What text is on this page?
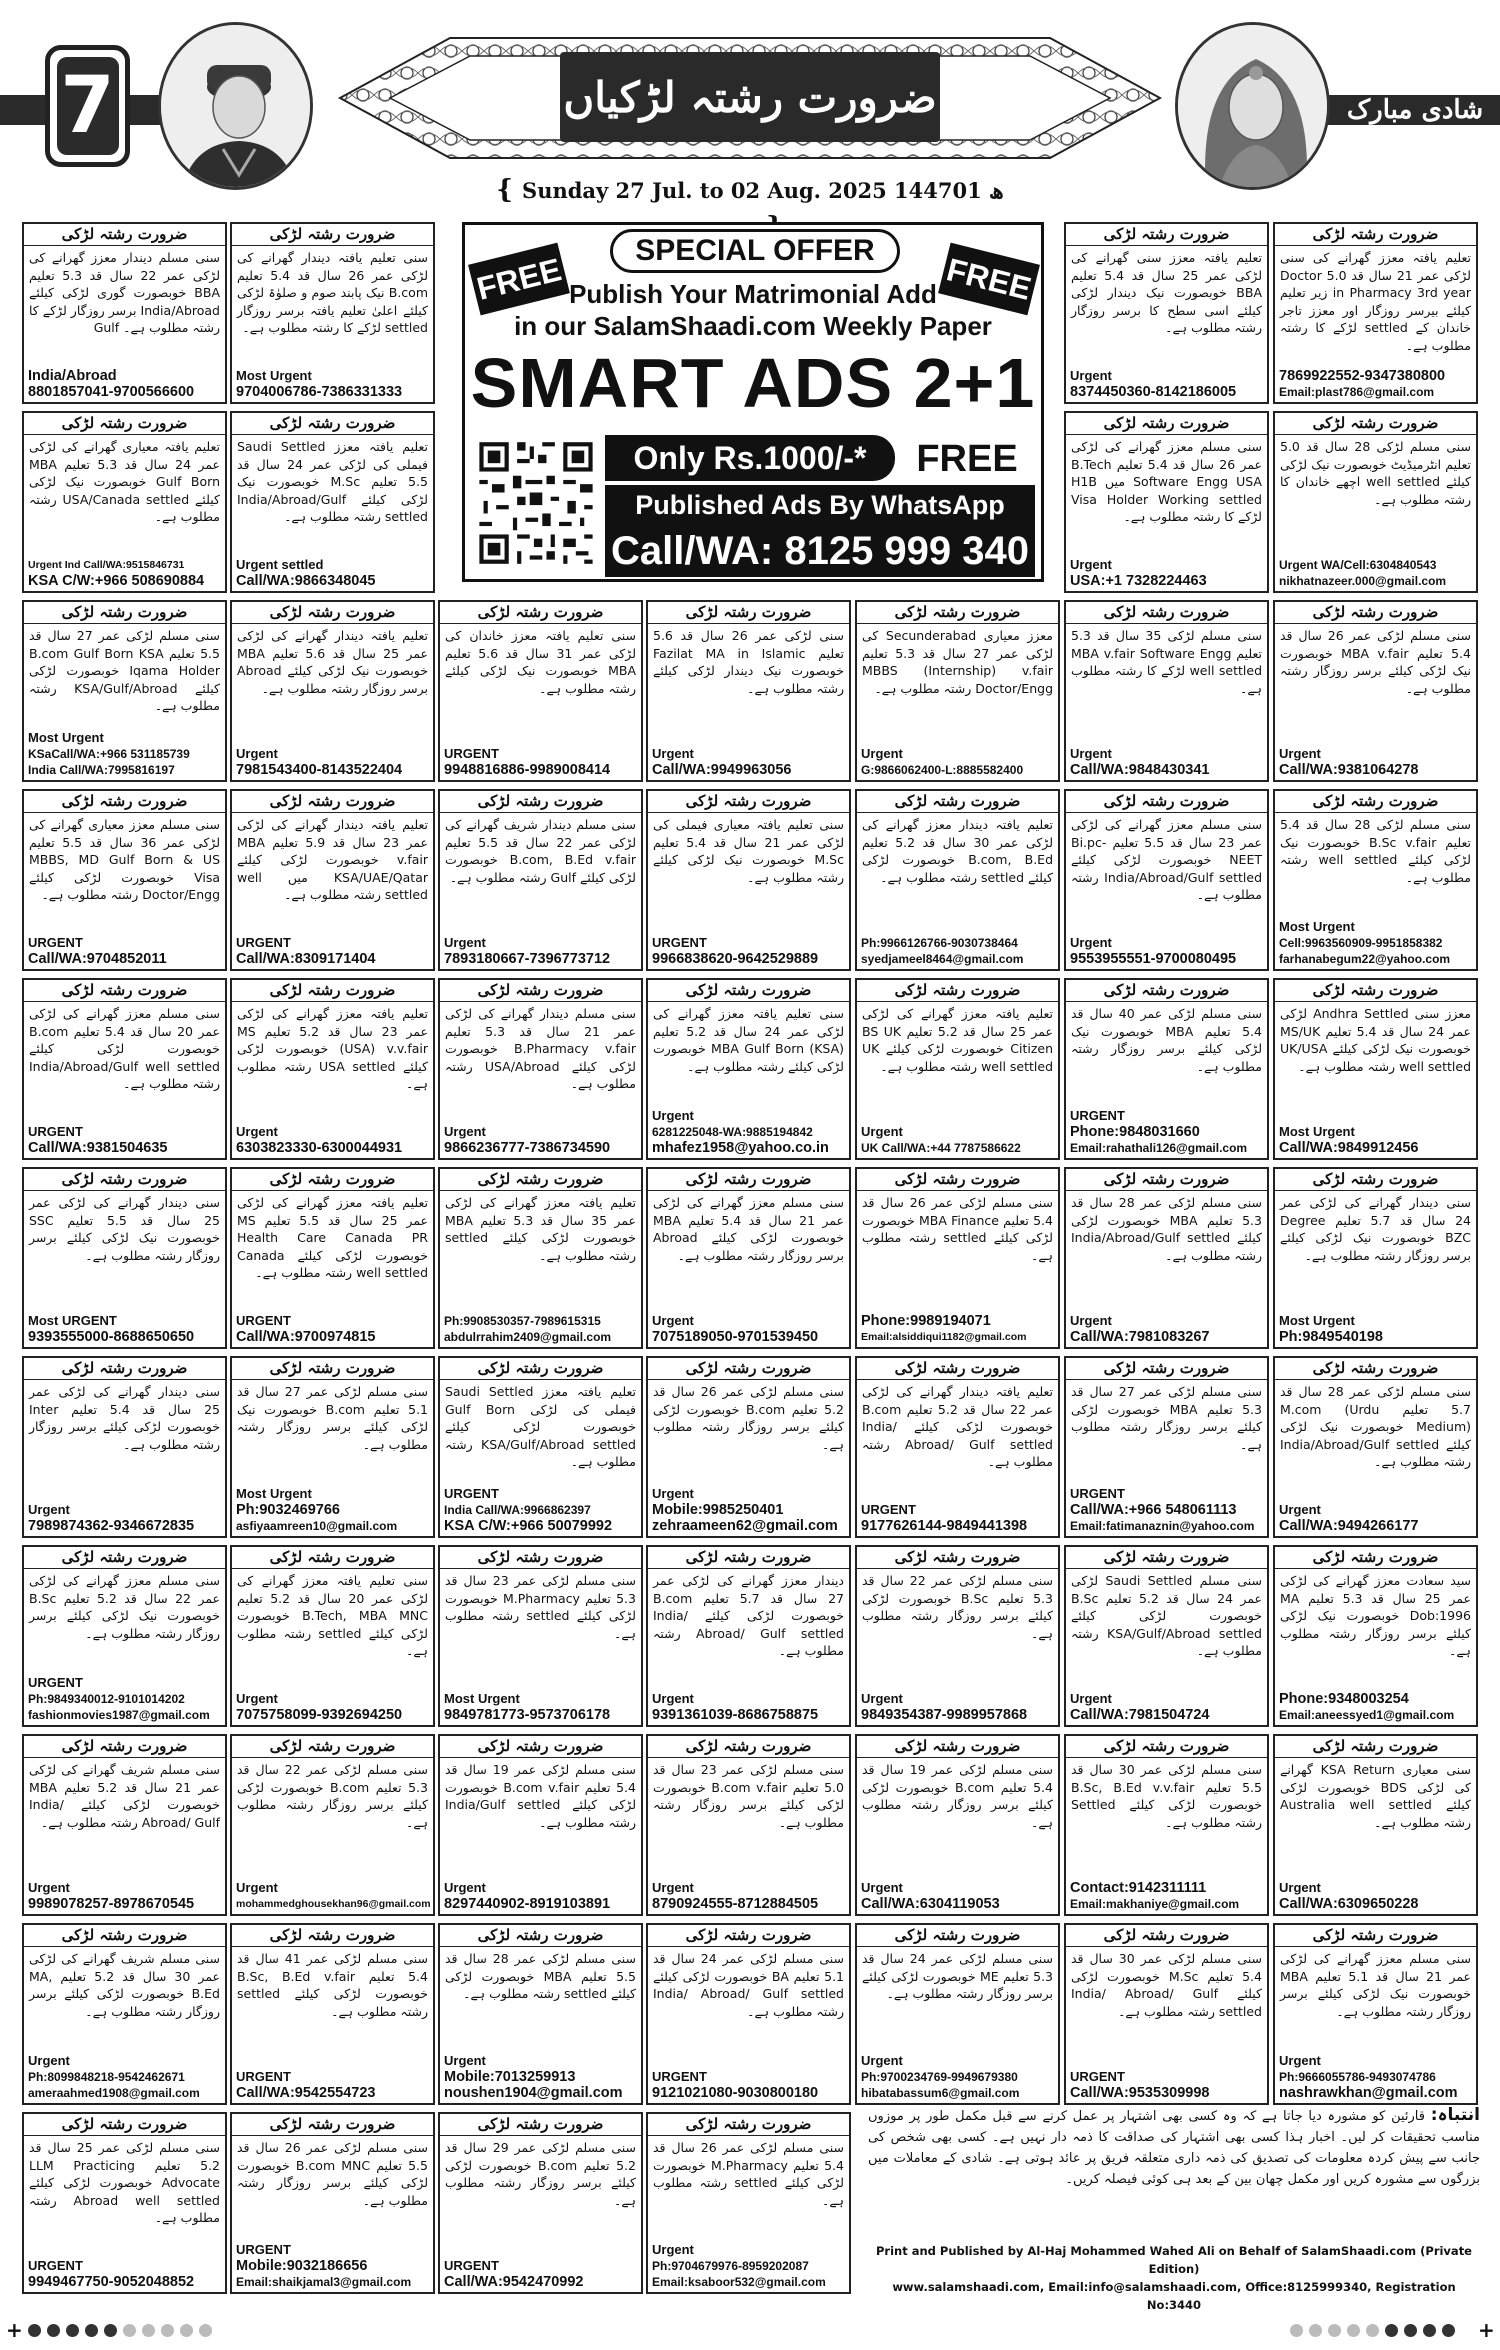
7	ضرورت رشتہ لڑکیاں	شادی مبارک
{ Sunday 27 Jul. to 02 Aug. 2025 1447ھ 01
FREE	FREE
SPECIAL OFFER
Publish Your Matrimonial Add
in our SalamShaadi.com Weekly Paper
SMART ADS 2+1
Only Rs.1000/-*	FREE
Published Ads By WhatsApp
Call/WA: 8125 999 340
ضرورت رشتہ لڑکی
تعلیم یافتہ معزز گھرانے کی سنی لڑکی عمر 21 سال قد 5.0 Doctor in Pharmacy 3rd year زیر تعلیم کیلئے بیرسر روزگار اور معزز تاجر خاندان کے settled لڑکے کا رشتہ مطلوب ہے۔
7869922552-9347380800
Email:plast786@gmail.com
ضرورت رشتہ لڑکی
تعلیم یافتہ معزز سنی گھرانے کی لڑکی عمر 25 سال قد 5.4 تعلیم BBA خوبصورت نیک دیندار لڑکی کیلئے اسی سطح کا برسر روزگار رشتہ مطلوب ہے۔
Urgent
8374450360-8142186005
ضرورت رشتہ لڑکی
سنی تعلیم یافتہ دیندار گھرانے کی لڑکی عمر 26 سال قد 5.4 تعلیم B.com نیک پابند صوم و صلوٰۃ لڑکی کیلئے اعلیٰ تعلیم یافتہ برسر روزگار settled لڑکے کا رشتہ مطلوب ہے۔
Most Urgent
9704006786-7386331333
ضرورت رشتہ لڑکی
سنی مسلم دیندار معزز گھرانے کی لڑکی عمر 22 سال قد 5.3 تعلیم BBA خوبصورت گوری لڑکی کیلئے India/Abroad برسر روزگار لڑکے کا رشتہ مطلوب ہے۔ Gulf
India/Abroad
8801857041-9700566600
ضرورت رشتہ لڑکی
سنی مسلم لڑکی 28 سال قد 5.0 تعلیم انٹرمیڈیٹ خوبصورت نیک لڑکی کیلئے well settled اچھے خاندان کا رشتہ مطلوب ہے۔
Urgent WA/Cell:6304840543
nikhatnazeer.000@gmail.com
ضرورت رشتہ لڑکی
سنی مسلم معزز گھرانے کی لڑکی عمر 26 سال قد 5.4 تعلیم B.Tech Software Engg USA میں H1B Visa Holder Working settled لڑکے کا رشتہ مطلوب ہے۔
Urgent
USA:+1 7328224463
ضرورت رشتہ لڑکی
تعلیم یافتہ معزز Saudi Settled فیملی کی لڑکی عمر 24 سال قد 5.5 تعلیم M.Sc خوبصورت نیک لڑکی کیلئے India/Abroad/Gulf settled رشتہ مطلوب ہے۔
Urgent settled
Call/WA:9866348045
ضرورت رشتہ لڑکی
تعلیم یافتہ معیاری گھرانے کی لڑکی عمر 24 سال قد 5.3 تعلیم MBA Gulf Born خوبصورت نیک لڑکی کیلئے USA/Canada settled رشتہ مطلوب ہے۔
Urgent Ind Call/WA:9515846731
KSA C/W:+966 508690884
ضرورت رشتہ لڑکی
سنی مسلم لڑکی عمر 26 سال قد 5.4 تعلیم MBA v.fair خوبصورت نیک لڑکی کیلئے برسر روزگار رشتہ مطلوب ہے۔
Urgent
Call/WA:9381064278
ضرورت رشتہ لڑکی
سنی مسلم لڑکی 35 سال قد 5.3 تعلیم MBA v.fair Software Engg well settled لڑکے کا رشتہ مطلوب ہے۔
Urgent
Call/WA:9848430341
ضرورت رشتہ لڑکی
معزز معیاری Secunderabad کی لڑکی عمر 27 سال قد 5.3 تعلیم MBBS (Internship) v.fair Doctor/Engg رشتہ مطلوب ہے۔
Urgent
G:9866062400-L:8885582400
ضرورت رشتہ لڑکی
سنی لڑکی عمر 26 سال قد 5.6 تعلیم Fazilat MA in Islamic خوبصورت نیک دیندار لڑکی کیلئے رشتہ مطلوب ہے۔
Urgent
Call/WA:9949963056
ضرورت رشتہ لڑکی
سنی تعلیم یافتہ معزز خاندان کی لڑکی عمر 31 سال قد 5.6 تعلیم MBA خوبصورت نیک لڑکی کیلئے رشتہ مطلوب ہے۔
URGENT
9948816886-9989008414
ضرورت رشتہ لڑکی
تعلیم یافتہ دیندار گھرانے کی لڑکی عمر 25 سال قد 5.6 تعلیم MBA خوبصورت نیک لڑکی کیلئے Abroad برسر روزگار رشتہ مطلوب ہے۔
Urgent
7981543400-8143522404
ضرورت رشتہ لڑکی
سنی مسلم لڑکی عمر 27 سال قد 5.5 تعلیم B.com Gulf Born KSA Iqama Holder خوبصورت لڑکی کیلئے KSA/Gulf/Abroad رشتہ مطلوب ہے۔
Most Urgent
KSaCall/WA:+966 531185739
India Call/WA:7995816197
ضرورت رشتہ لڑکی
سنی مسلم لڑکی 28 سال قد 5.4 تعلیم B.Sc v.fair خوبصورت نیک لڑکی کیلئے well settled رشتہ مطلوب ہے۔
Most Urgent
Cell:9963560909-9951858382
farhanabegum22@yahoo.com
ضرورت رشتہ لڑکی
سنی مسلم معزز گھرانے کی لڑکی عمر 23 سال قد 5.5 تعلیم Bi.pc-NEET خوبصورت لڑکی کیلئے India/Abroad/Gulf settled رشتہ مطلوب ہے۔
Urgent
9553955551-9700080495
ضرورت رشتہ لڑکی
تعلیم یافتہ دیندار معزز گھرانے کی لڑکی عمر 30 سال قد 5.2 تعلیم B.com, B.Ed خوبصورت لڑکی کیلئے settled رشتہ مطلوب ہے۔
Ph:9966126766-9030738464
syedjameel8464@gmail.com
ضرورت رشتہ لڑکی
سنی تعلیم یافتہ معیاری فیملی کی لڑکی عمر 21 سال قد 5.4 تعلیم M.Sc خوبصورت نیک لڑکی کیلئے رشتہ مطلوب ہے۔
URGENT
9966838620-9642529889
ضرورت رشتہ لڑکی
سنی مسلم دیندار شریف گھرانے کی لڑکی عمر 22 سال قد 5.5 تعلیم B.com, B.Ed v.fair خوبصورت لڑکی کیلئے Gulf رشتہ مطلوب ہے۔
Urgent
7893180667-7396773712
ضرورت رشتہ لڑکی
تعلیم یافتہ دیندار گھرانے کی لڑکی عمر 23 سال قد 5.9 تعلیم MBA v.fair خوبصورت لڑکی کیلئے KSA/UAE/Qatar میں well settled رشتہ مطلوب ہے۔
URGENT
Call/WA:8309171404
ضرورت رشتہ لڑکی
سنی مسلم معزز معیاری گھرانے کی لڑکی عمر 36 سال قد 5.5 تعلیم MBBS, MD Gulf Born & US Visa خوبصورت لڑکی کیلئے Doctor/Engg رشتہ مطلوب ہے۔
URGENT
Call/WA:9704852011
ضرورت رشتہ لڑکی
معزز سنی Andhra Settled لڑکی عمر 24 سال قد 5.4 تعلیم MS/UK خوبصورت نیک لڑکی کیلئے UK/USA well settled رشتہ مطلوب ہے۔
Most Urgent
Call/WA:9849912456
ضرورت رشتہ لڑکی
سنی مسلم لڑکی عمر 40 سال قد 5.4 تعلیم MBA خوبصورت نیک لڑکی کیلئے برسر روزگار رشتہ مطلوب ہے۔
URGENT
Phone:9848031660
Email:rahathali126@gmail.com
ضرورت رشتہ لڑکی
تعلیم یافتہ معزز گھرانے کی لڑکی عمر 25 سال قد 5.2 تعلیم BS UK Citizen خوبصورت لڑکی کیلئے UK well settled رشتہ مطلوب ہے۔
Urgent
UK Call/WA:+44 7787586622
ضرورت رشتہ لڑکی
سنی تعلیم یافتہ معزز گھرانے کی لڑکی عمر 24 سال قد 5.2 تعلیم MBA Gulf Born (KSA) خوبصورت لڑکی کیلئے رشتہ مطلوب ہے۔
Urgent
6281225048-WA:9885194842
mhafez1958@yahoo.co.in
ضرورت رشتہ لڑکی
سنی مسلم دیندار گھرانے کی لڑکی عمر 21 سال قد 5.3 تعلیم B.Pharmacy v.fair خوبصورت لڑکی کیلئے USA/Abroad رشتہ مطلوب ہے۔
Urgent
9866236777-7386734590
ضرورت رشتہ لڑکی
تعلیم یافتہ معزز گھرانے کی لڑکی عمر 23 سال قد 5.2 تعلیم MS (USA) v.v.fair خوبصورت لڑکی کیلئے USA settled رشتہ مطلوب ہے۔
Urgent
6303823330-6300044931
ضرورت رشتہ لڑکی
سنی مسلم معزز گھرانے کی لڑکی عمر 20 سال قد 5.4 تعلیم B.com خوبصورت لڑکی کیلئے India/Abroad/Gulf well settled رشتہ مطلوب ہے۔
URGENT
Call/WA:9381504635
ضرورت رشتہ لڑکی
سنی دیندار گھرانے کی لڑکی عمر 24 سال قد 5.7 تعلیم Degree BZC خوبصورت نیک لڑکی کیلئے برسر روزگار رشتہ مطلوب ہے۔
Most Urgent
Ph:9849540198
ضرورت رشتہ لڑکی
سنی مسلم لڑکی عمر 28 سال قد 5.3 تعلیم MBA خوبصورت لڑکی کیلئے India/Abroad/Gulf settled رشتہ مطلوب ہے۔
Urgent
Call/WA:7981083267
ضرورت رشتہ لڑکی
سنی مسلم لڑکی عمر 26 سال قد 5.4 تعلیم MBA Finance خوبصورت لڑکی کیلئے settled رشتہ مطلوب ہے۔
Phone:9989194071
Email:alsiddiqui1182@gmail.com
ضرورت رشتہ لڑکی
سنی مسلم معزز گھرانے کی لڑکی عمر 21 سال قد 5.4 تعلیم MBA خوبصورت لڑکی کیلئے Abroad برسر روزگار رشتہ مطلوب ہے۔
Urgent
7075189050-9701539450
ضرورت رشتہ لڑکی
تعلیم یافتہ معزز گھرانے کی لڑکی عمر 35 سال قد 5.3 تعلیم MBA خوبصورت لڑکی کیلئے settled رشتہ مطلوب ہے۔
Ph:9908530357-7989615315
abdulrrahim2409@gmail.com
ضرورت رشتہ لڑکی
تعلیم یافتہ معزز گھرانے کی لڑکی عمر 25 سال قد 5.5 تعلیم MS Health Care Canada PR خوبصورت لڑکی کیلئے Canada well settled رشتہ مطلوب ہے۔
URGENT
Call/WA:9700974815
ضرورت رشتہ لڑکی
سنی دیندار گھرانے کی لڑکی عمر 25 سال قد 5.5 تعلیم SSC خوبصورت نیک لڑکی کیلئے برسر روزگار رشتہ مطلوب ہے۔
Most URGENT
9393555000-8688650650
ضرورت رشتہ لڑکی
سنی مسلم لڑکی عمر 28 سال قد 5.7 تعلیم M.com (Urdu Medium) خوبصورت نیک لڑکی کیلئے India/Abroad/Gulf settled رشتہ مطلوب ہے۔
Urgent
Call/WA:9494266177
ضرورت رشتہ لڑکی
سنی مسلم لڑکی عمر 27 سال قد 5.3 تعلیم MBA خوبصورت لڑکی کیلئے برسر روزگار رشتہ مطلوب ہے۔
URGENT
Call/WA:+966 548061113
Email:fatimanaznin@yahoo.com
ضرورت رشتہ لڑکی
تعلیم یافتہ دیندار گھرانے کی لڑکی عمر 22 سال قد 5.2 تعلیم B.com خوبصورت لڑکی کیلئے India/ Abroad/ Gulf settled رشتہ مطلوب ہے۔
URGENT
9177626144-9849441398
ضرورت رشتہ لڑکی
سنی مسلم لڑکی عمر 26 سال قد 5.2 تعلیم B.com خوبصورت لڑکی کیلئے برسر روزگار رشتہ مطلوب ہے۔
Urgent
Mobile:9985250401
zehraameen62@gmail.com
ضرورت رشتہ لڑکی
تعلیم یافتہ معزز Saudi Settled فیملی کی لڑکی Gulf Born خوبصورت لڑکی کیلئے KSA/Gulf/Abroad settled رشتہ مطلوب ہے۔
URGENT
India Call/WA:9966862397
KSA C/W:+966 50079992
ضرورت رشتہ لڑکی
سنی مسلم لڑکی عمر 27 سال قد 5.1 تعلیم B.com خوبصورت نیک لڑکی کیلئے برسر روزگار رشتہ مطلوب ہے۔
Most Urgent
Ph:9032469766
asfiyaamreen10@gmail.com
ضرورت رشتہ لڑکی
سنی دیندار گھرانے کی لڑکی عمر 25 سال قد 5.4 تعلیم Inter خوبصورت لڑکی کیلئے برسر روزگار رشتہ مطلوب ہے۔
Urgent
7989874362-9346672835
ضرورت رشتہ لڑکی
سید سعادت معزز گھرانے کی لڑکی عمر 25 سال قد 5.3 تعلیم MA Dob:1996 خوبصورت نیک لڑکی کیلئے برسر روزگار رشتہ مطلوب ہے۔
Phone:9348003254
Email:aneessyed1@gmail.com
ضرورت رشتہ لڑکی
سنی مسلم Saudi Settled لڑکی عمر 24 سال قد 5.2 تعلیم B.Sc خوبصورت لڑکی کیلئے KSA/Gulf/Abroad settled رشتہ مطلوب ہے۔
Urgent
Call/WA:7981504724
ضرورت رشتہ لڑکی
سنی مسلم لڑکی عمر 22 سال قد 5.3 تعلیم B.Sc خوبصورت لڑکی کیلئے برسر روزگار رشتہ مطلوب ہے۔
Urgent
9849354387-9989957868
ضرورت رشتہ لڑکی
دیندار معزز گھرانے کی لڑکی عمر 27 سال قد 5.7 تعلیم B.com خوبصورت لڑکی کیلئے India/ Abroad/ Gulf settled رشتہ مطلوب ہے۔
Urgent
9391361039-8686758875
ضرورت رشتہ لڑکی
سنی مسلم لڑکی عمر 23 سال قد 5.3 تعلیم M.Pharmacy خوبصورت لڑکی کیلئے settled رشتہ مطلوب ہے۔
Most Urgent
9849781773-9573706178
ضرورت رشتہ لڑکی
سنی تعلیم یافتہ معزز گھرانے کی لڑکی عمر 20 سال قد 5.2 تعلیم B.Tech, MBA MNC خوبصورت لڑکی کیلئے settled رشتہ مطلوب ہے۔
Urgent
7075758099-9392694250
ضرورت رشتہ لڑکی
سنی مسلم معزز گھرانے کی لڑکی عمر 22 سال قد 5.2 تعلیم B.Sc خوبصورت نیک لڑکی کیلئے برسر روزگار رشتہ مطلوب ہے۔
URGENT
Ph:9849340012-9101014202
fashionmovies1987@gmail.com
ضرورت رشتہ لڑکی
سنی معیاری KSA Return گھرانے کی لڑکی BDS خوبصورت لڑکی کیلئے Australia well settled رشتہ مطلوب ہے۔
Urgent
Call/WA:6309650228
ضرورت رشتہ لڑکی
سنی مسلم لڑکی عمر 30 سال قد 5.5 تعلیم B.Sc, B.Ed v.v.fair خوبصورت لڑکی کیلئے Settled رشتہ مطلوب ہے۔
Contact:9142311111
Email:makhaniye@gmail.com
ضرورت رشتہ لڑکی
سنی مسلم لڑکی عمر 19 سال قد 5.4 تعلیم B.com خوبصورت لڑکی کیلئے برسر روزگار رشتہ مطلوب ہے۔
Urgent
Call/WA:6304119053
ضرورت رشتہ لڑکی
سنی مسلم لڑکی عمر 23 سال قد 5.0 تعلیم B.com v.fair خوبصورت لڑکی کیلئے برسر روزگار رشتہ مطلوب ہے۔
Urgent
8790924555-8712884505
ضرورت رشتہ لڑکی
سنی مسلم لڑکی عمر 19 سال قد 5.4 تعلیم B.com v.fair خوبصورت لڑکی کیلئے India/Gulf settled رشتہ مطلوب ہے۔
Urgent
8297440902-8919103891
ضرورت رشتہ لڑکی
سنی مسلم لڑکی عمر 22 سال قد 5.3 تعلیم B.com خوبصورت لڑکی کیلئے برسر روزگار رشتہ مطلوب ہے۔
Urgent
mohammedghousekhan96@gmail.com
ضرورت رشتہ لڑکی
سنی مسلم شریف گھرانے کی لڑکی عمر 21 سال قد 5.2 تعلیم MBA خوبصورت لڑکی کیلئے India/ Abroad/ Gulf رشتہ مطلوب ہے۔
Urgent
9989078257-8978670545
ضرورت رشتہ لڑکی
سنی مسلم معزز گھرانے کی لڑکی عمر 21 سال قد 5.1 تعلیم MBA خوبصورت نیک لڑکی کیلئے برسر روزگار رشتہ مطلوب ہے۔
Urgent
Ph:9666055786-9493074786
nashrawkhan@gmail.com
ضرورت رشتہ لڑکی
سنی مسلم لڑکی عمر 30 سال قد 5.4 تعلیم M.Sc خوبصورت لڑکی کیلئے India/ Abroad/ Gulf settled رشتہ مطلوب ہے۔
URGENT
Call/WA:9535309998
ضرورت رشتہ لڑکی
سنی مسلم لڑکی عمر 24 سال قد 5.3 تعلیم ME خوبصورت لڑکی کیلئے برسر روزگار رشتہ مطلوب ہے۔
Urgent
Ph:9700234769-9949679380
hibatabassum6@gmail.com
ضرورت رشتہ لڑکی
سنی مسلم لڑکی عمر 24 سال قد 5.1 تعلیم BA خوبصورت لڑکی کیلئے India/ Abroad/ Gulf settled رشتہ مطلوب ہے۔
URGENT
9121021080-9030800180
ضرورت رشتہ لڑکی
سنی مسلم لڑکی عمر 28 سال قد 5.5 تعلیم MBA خوبصورت لڑکی کیلئے settled رشتہ مطلوب ہے۔
Urgent
Mobile:7013259913
noushen1904@gmail.com
ضرورت رشتہ لڑکی
سنی مسلم لڑکی عمر 41 سال قد 5.4 تعلیم B.Sc, B.Ed v.fair خوبصورت لڑکی کیلئے settled رشتہ مطلوب ہے۔
URGENT
Call/WA:9542554723
ضرورت رشتہ لڑکی
سنی مسلم شریف گھرانے کی لڑکی عمر 30 سال قد 5.2 تعلیم MA, B.Ed خوبصورت لڑکی کیلئے برسر روزگار رشتہ مطلوب ہے۔
Urgent
Ph:8099848218-9542462671
ameraahmed1908@gmail.com
ضرورت رشتہ لڑکی
سنی مسلم لڑکی عمر 26 سال قد 5.4 تعلیم M.Pharmacy خوبصورت لڑکی کیلئے settled رشتہ مطلوب ہے۔
Urgent
Ph:9704679976-8959202087
Email:ksaboor532@gmail.com
ضرورت رشتہ لڑکی
سنی مسلم لڑکی عمر 29 سال قد 5.2 تعلیم B.com خوبصورت لڑکی کیلئے برسر روزگار رشتہ مطلوب ہے۔
URGENT
Call/WA:9542470992
ضرورت رشتہ لڑکی
سنی مسلم لڑکی عمر 26 سال قد 5.5 تعلیم B.com MNC خوبصورت لڑکی کیلئے برسر روزگار رشتہ مطلوب ہے۔
URGENT
Mobile:9032186656
Email:shaikjamal3@gmail.com
ضرورت رشتہ لڑکی
سنی مسلم لڑکی عمر 25 سال قد 5.2 تعلیم LLM Practicing Advocate خوبصورت لڑکی کیلئے Abroad well settled رشتہ مطلوب ہے۔
URGENT
9949467750-9052048852
انتباہ: قارئین کو مشورہ دیا جاتا ہے کہ وہ کسی بھی اشتہار پر عمل کرنے سے قبل مکمل طور پر موزوں مناسب تحقیقات کر لیں۔ اخبار ہذا کسی بھی اشتہار کی صداقت کا ذمہ دار نہیں ہے۔ کسی بھی شخص کی جانب سے پیش کردہ معلومات کی تصدیق کی ذمہ داری متعلقہ فریق پر عائد ہوتی ہے۔ شادی کے معاملات میں بزرگوں سے مشورہ کریں اور مکمل چھان بین کے بعد ہی کوئی فیصلہ کریں۔
Print and Published by Al-Haj Mohammed Wahed Ali on Behalf of SalamShaadi.com (Private Edition)
www.salamshaadi.com, Email:info@salamshaadi.com, Office:8125999340, Registration No:3440
+	+
